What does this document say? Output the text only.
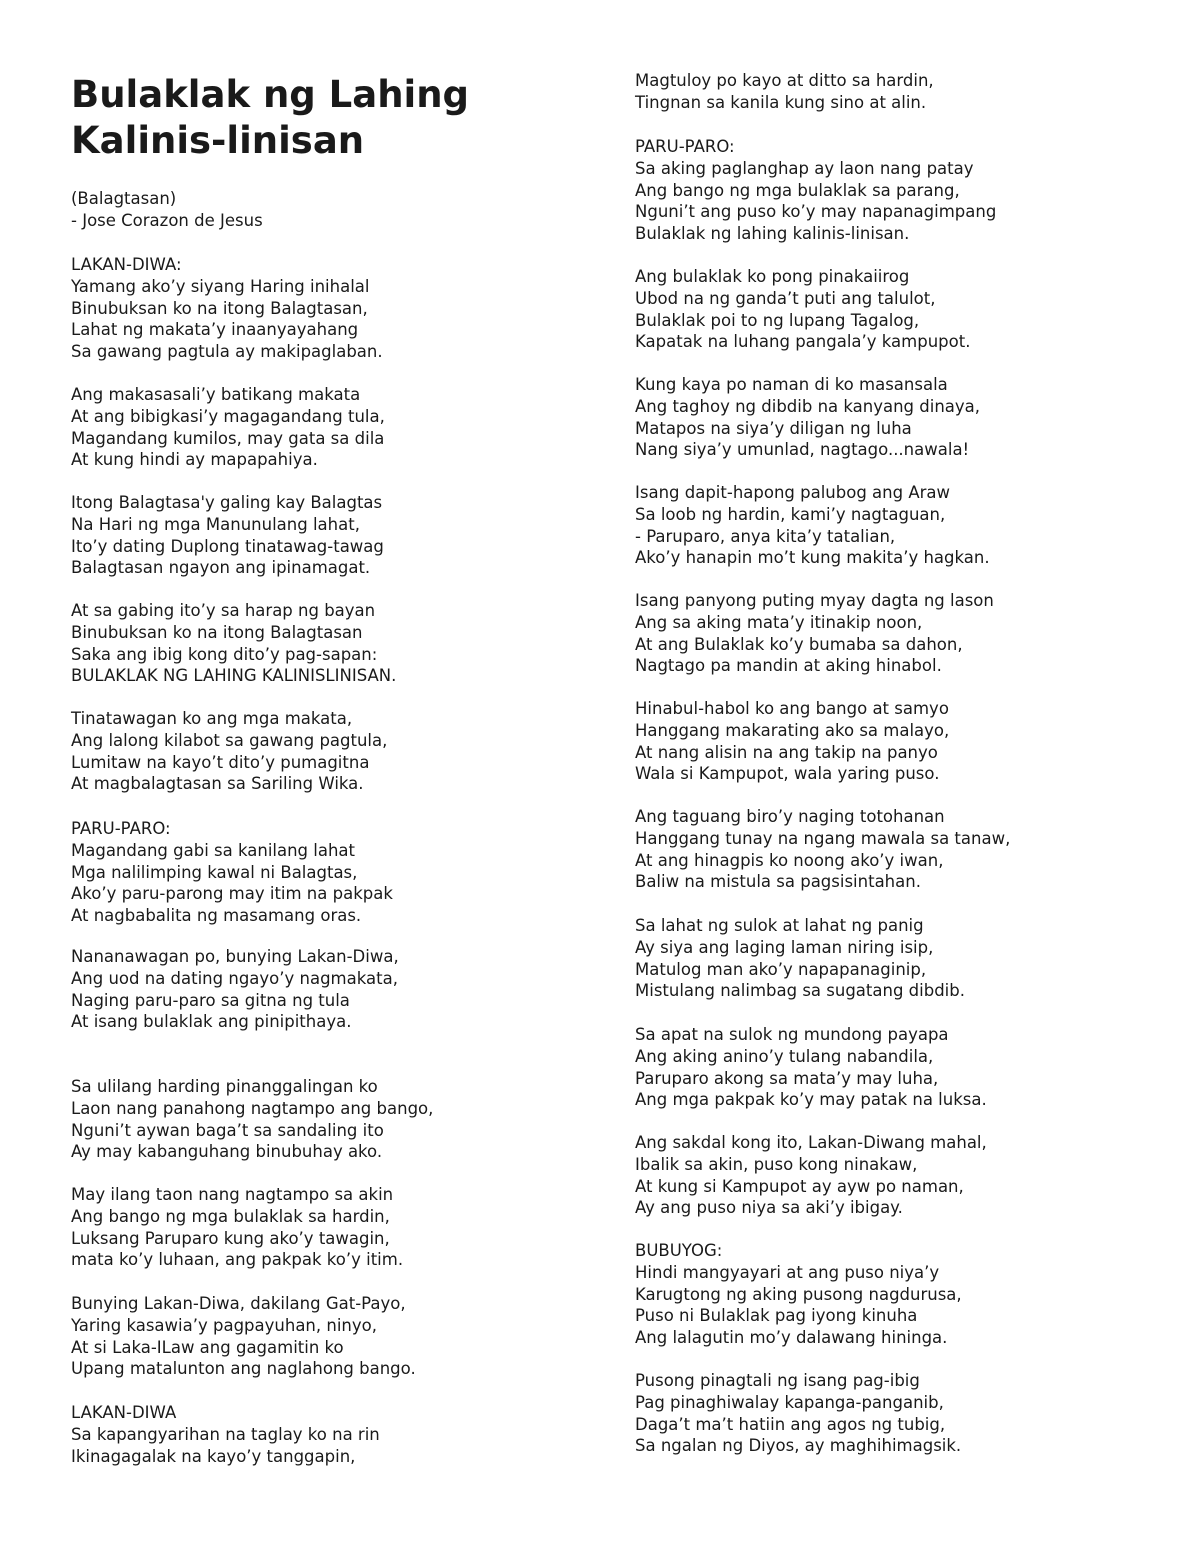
Bulaklak ng Lahing
Kalinis-linisan
(Balagtasan)
- Jose Corazon de Jesus
LAKAN-DIWA:
Yamang ako’y siyang Haring inihalal
Binubuksan ko na itong Balagtasan,
Lahat ng makata’y inaanyayahang
Sa gawang pagtula ay makipaglaban.
Ang makasasali’y batikang makata
At ang bibigkasi’y magagandang tula,
Magandang kumilos, may gata sa dila
At kung hindi ay mapapahiya.
Itong Balagtasa'y galing kay Balagtas
Na Hari ng mga Manunulang lahat,
Ito’y dating Duplong tinatawag-tawag
Balagtasan ngayon ang ipinamagat.
At sa gabing ito’y sa harap ng bayan
Binubuksan ko na itong Balagtasan
Saka ang ibig kong dito’y pag-sapan:
BULAKLAK NG LAHING KALINISLINISAN.
Tinatawagan ko ang mga makata,
Ang lalong kilabot sa gawang pagtula,
Lumitaw na kayo’t dito’y pumagitna
At magbalagtasan sa Sariling Wika.
PARU-PARO:
Magandang gabi sa kanilang lahat
Mga nalilimping kawal ni Balagtas,
Ako’y paru-parong may itim na pakpak
At nagbabalita ng masamang oras.
Nananawagan po, bunying Lakan-Diwa,
Ang uod na dating ngayo’y nagmakata,
Naging paru-paro sa gitna ng tula
At isang bulaklak ang pinipithaya.
Sa ulilang harding pinanggalingan ko
Laon nang panahong nagtampo ang bango,
Nguni’t aywan baga’t sa sandaling ito
Ay may kabanguhang binubuhay ako.
May ilang taon nang nagtampo sa akin
Ang bango ng mga bulaklak sa hardin,
Luksang Paruparo kung ako’y tawagin,
mata ko’y luhaan, ang pakpak ko’y itim.
Bunying Lakan-Diwa, dakilang Gat-Payo,
Yaring kasawia’y pagpayuhan, ninyo,
At si Laka-ILaw ang gagamitin ko
Upang matalunton ang naglahong bango.
LAKAN-DIWA
Sa kapangyarihan na taglay ko na rin
Ikinagagalak na kayo’y tanggapin,
Magtuloy po kayo at ditto sa hardin,
Tingnan sa kanila kung sino at alin.
PARU-PARO:
Sa aking paglanghap ay laon nang patay
Ang bango ng mga bulaklak sa parang,
Nguni’t ang puso ko’y may napanagimpang
Bulaklak ng lahing kalinis-linisan.
Ang bulaklak ko pong pinakaiirog
Ubod na ng ganda’t puti ang talulot,
Bulaklak poi to ng lupang Tagalog,
Kapatak na luhang pangala’y kampupot.
Kung kaya po naman di ko masansala
Ang taghoy ng dibdib na kanyang dinaya,
Matapos na siya’y diligan ng luha
Nang siya’y umunlad, nagtago...nawala!
Isang dapit-hapong palubog ang Araw
Sa loob ng hardin, kami’y nagtaguan,
- Paruparo, anya kita’y tatalian,
Ako’y hanapin mo’t kung makita’y hagkan.
Isang panyong puting myay dagta ng lason
Ang sa aking mata’y itinakip noon,
At ang Bulaklak ko’y bumaba sa dahon,
Nagtago pa mandin at aking hinabol.
Hinabul-habol ko ang bango at samyo
Hanggang makarating ako sa malayo,
At nang alisin na ang takip na panyo
Wala si Kampupot, wala yaring puso.
Ang taguang biro’y naging totohanan
Hanggang tunay na ngang mawala sa tanaw,
At ang hinagpis ko noong ako’y iwan,
Baliw na mistula sa pagsisintahan.
Sa lahat ng sulok at lahat ng panig
Ay siya ang laging laman niring isip,
Matulog man ako’y napapanaginip,
Mistulang nalimbag sa sugatang dibdib.
Sa apat na sulok ng mundong payapa
Ang aking anino’y tulang nabandila,
Paruparo akong sa mata’y may luha,
Ang mga pakpak ko’y may patak na luksa.
Ang sakdal kong ito, Lakan-Diwang mahal,
Ibalik sa akin, puso kong ninakaw,
At kung si Kampupot ay ayw po naman,
Ay ang puso niya sa aki’y ibigay.
BUBUYOG:
Hindi mangyayari at ang puso niya’y
Karugtong ng aking pusong nagdurusa,
Puso ni Bulaklak pag iyong kinuha
Ang lalagutin mo’y dalawang hininga.
Pusong pinagtali ng isang pag-ibig
Pag pinaghiwalay kapanga-panganib,
Daga’t ma’t hatiin ang agos ng tubig,
Sa ngalan ng Diyos, ay maghihimagsik.
